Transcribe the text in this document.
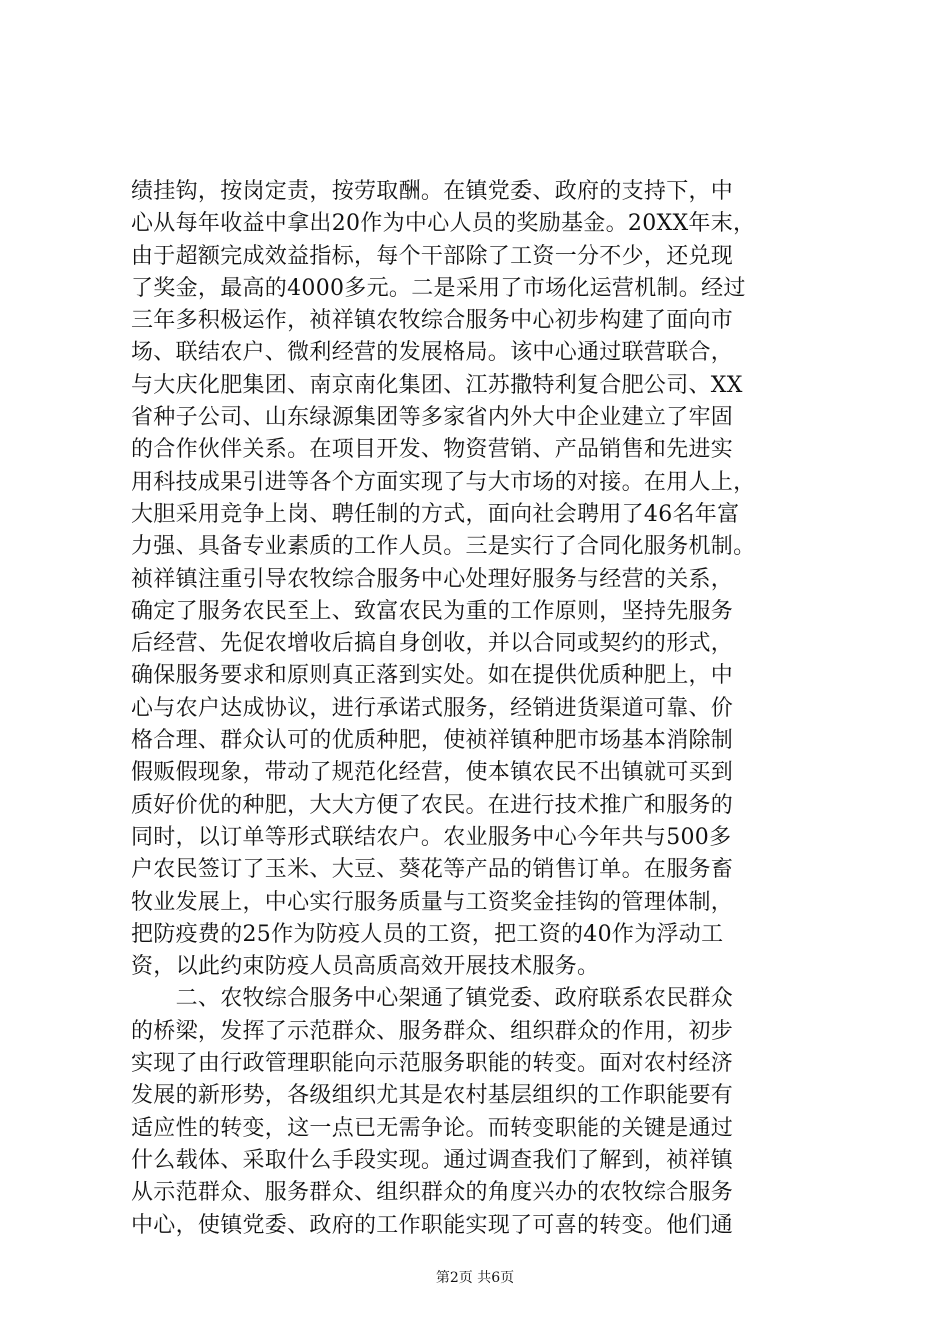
绩挂钩，按岗定责，按劳取酬。在镇党委、政府的支持下，中
心从每年收益中拿出20作为中心人员的奖励基金。20XX年末，
由于超额完成效益指标，每个干部除了工资一分不少，还兑现
了奖金，最高的4000多元。二是采用了市场化运营机制。经过
三年多积极运作，祯祥镇农牧综合服务中心初步构建了面向市
场、联结农户、微利经营的发展格局。该中心通过联营联合，
与大庆化肥集团、南京南化集团、江苏撒特利复合肥公司、XX
省种子公司、山东绿源集团等多家省内外大中企业建立了牢固
的合作伙伴关系。在项目开发、物资营销、产品销售和先进实
用科技成果引进等各个方面实现了与大市场的对接。在用人上，
大胆采用竞争上岗、聘任制的方式，面向社会聘用了46名年富
力强、具备专业素质的工作人员。三是实行了合同化服务机制。
祯祥镇注重引导农牧综合服务中心处理好服务与经营的关系，
确定了服务农民至上、致富农民为重的工作原则，坚持先服务
后经营、先促农增收后搞自身创收，并以合同或契约的形式，
确保服务要求和原则真正落到实处。如在提供优质种肥上，中
心与农户达成协议，进行承诺式服务，经销进货渠道可靠、价
格合理、群众认可的优质种肥，使祯祥镇种肥市场基本消除制
假贩假现象，带动了规范化经营，使本镇农民不出镇就可买到
质好价优的种肥，大大方便了农民。在进行技术推广和服务的
同时，以订单等形式联结农户。农业服务中心今年共与500多
户农民签订了玉米、大豆、葵花等产品的销售订单。在服务畜
牧业发展上，中心实行服务质量与工资奖金挂钩的管理体制，
把防疫费的25作为防疫人员的工资，把工资的40作为浮动工
资，以此约束防疫人员高质高效开展技术服务。
　　二、农牧综合服务中心架通了镇党委、政府联系农民群众
的桥梁，发挥了示范群众、服务群众、组织群众的作用，初步
实现了由行政管理职能向示范服务职能的转变。面对农村经济
发展的新形势，各级组织尤其是农村基层组织的工作职能要有
适应性的转变，这一点已无需争论。而转变职能的关键是通过
什么载体、采取什么手段实现。通过调查我们了解到，祯祥镇
从示范群众、服务群众、组织群众的角度兴办的农牧综合服务
中心，使镇党委、政府的工作职能实现了可喜的转变。他们通
第2页 共6页
